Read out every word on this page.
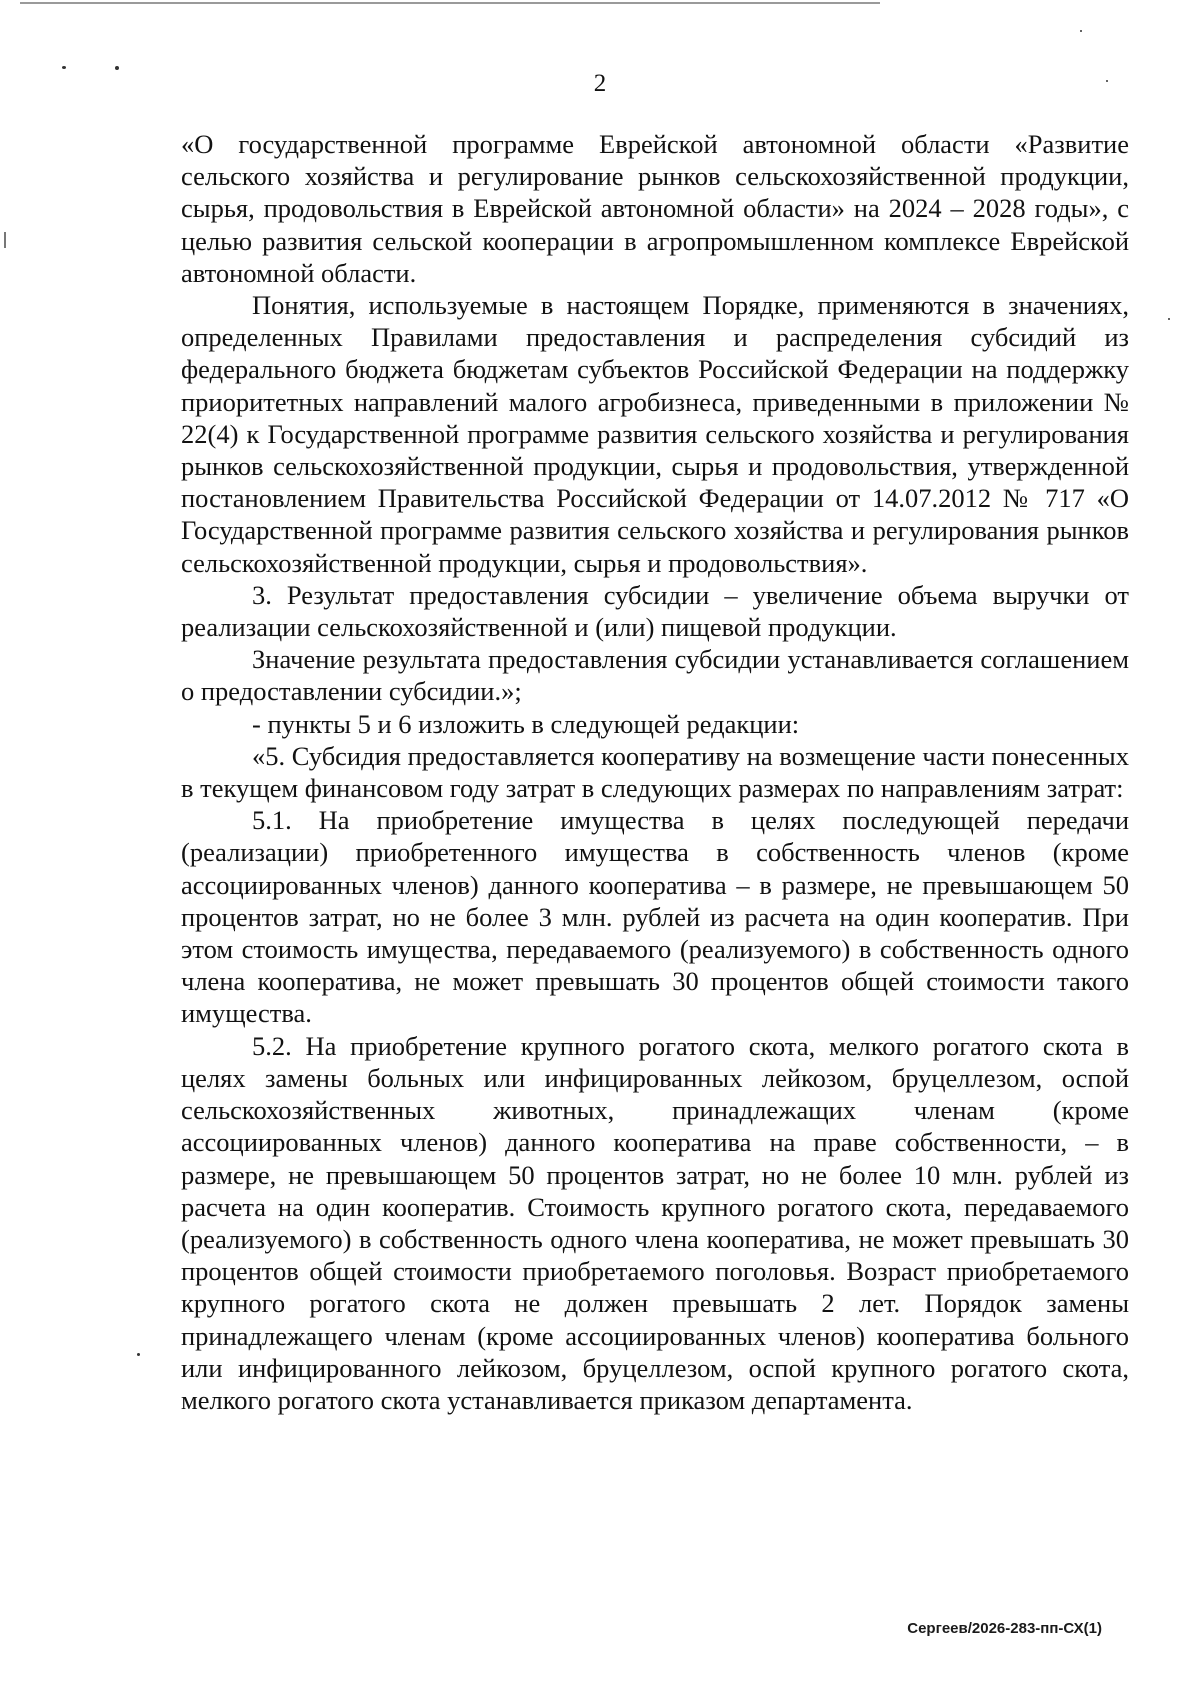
2

«О государственной программе Еврейской автономной области «Развитие сельского хозяйства и регулирование рынков сельскохозяйственной продукции, сырья, продовольствия в Еврейской автономной области» на 2024 – 2028 годы», с целью развития сельской кооперации в агропромышленном комплексе Еврейской автономной области.

Понятия, используемые в настоящем Порядке, применяются в значениях, определенных Правилами предоставления и распределения субсидий из федерального бюджета бюджетам субъектов Российской Федерации на поддержку приоритетных направлений малого агробизнеса, приведенными в приложении № 22(4) к Государственной программе развития сельского хозяйства и регулирования рынков сельскохозяйственной продукции, сырья и продовольствия, утвержденной постановлением Правительства Российской Федерации от 14.07.2012 № 717 «О Государственной программе развития сельского хозяйства и регулирования рынков сельскохозяйственной продукции, сырья и продовольствия».

3. Результат предоставления субсидии – увеличение объема выручки от реализации сельскохозяйственной и (или) пищевой продукции.

Значение результата предоставления субсидии устанавливается соглашением о предоставлении субсидии.»;

- пункты 5 и 6 изложить в следующей редакции:

«5. Субсидия предоставляется кооперативу на возмещение части понесенных в текущем финансовом году затрат в следующих размерах по направлениям затрат:

5.1. На приобретение имущества в целях последующей передачи (реализации) приобретенного имущества в собственность членов (кроме ассоциированных членов) данного кооператива – в размере, не превышающем 50 процентов затрат, но не более 3 млн. рублей из расчета на один кооператив. При этом стоимость имущества, передаваемого (реализуемого) в собственность одного члена кооператива, не может превышать 30 процентов общей стоимости такого имущества.

5.2. На приобретение крупного рогатого скота, мелкого рогатого скота в целях замены больных или инфицированных лейкозом, бруцеллезом, оспой сельскохозяйственных животных, принадлежащих членам (кроме ассоциированных членов) данного кооператива на праве собственности, – в размере, не превышающем 50 процентов затрат, но не более 10 млн. рублей из расчета на один кооператив. Стоимость крупного рогатого скота, передаваемого (реализуемого) в собственность одного члена кооператива, не может превышать 30 процентов общей стоимости приобретаемого поголовья. Возраст приобретаемого крупного рогатого скота не должен превышать 2 лет. Порядок замены принадлежащего членам (кроме ассоциированных членов) кооператива больного или инфицированного лейкозом, бруцеллезом, оспой крупного рогатого скота, мелкого рогатого скота устанавливается приказом департамента.

Сергеев/2026-283-пп-СХ(1)
